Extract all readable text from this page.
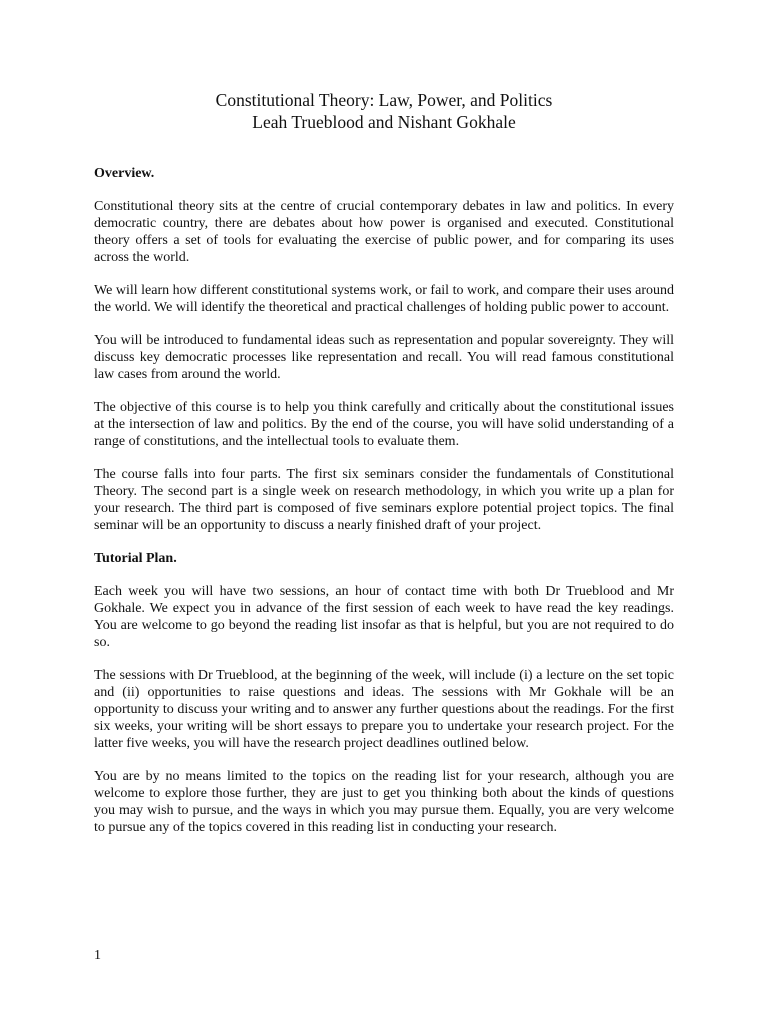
Constitutional Theory: Law, Power, and Politics
Leah Trueblood and Nishant Gokhale
Overview.

Constitutional theory sits at the centre of crucial contemporary debates in law and politics. In every democratic country, there are debates about how power is organised and executed. Constitutional theory offers a set of tools for evaluating the exercise of public power, and for comparing its uses across the world.

We will learn how different constitutional systems work, or fail to work, and compare their uses around the world. We will identify the theoretical and practical challenges of holding public power to account.

You will be introduced to fundamental ideas such as representation and popular sovereignty. They will discuss key democratic processes like representation and recall. You will read famous constitutional law cases from around the world.

The objective of this course is to help you think carefully and critically about the constitutional issues at the intersection of law and politics. By the end of the course, you will have solid understanding of a range of constitutions, and the intellectual tools to evaluate them.

The course falls into four parts. The first six seminars consider the fundamentals of Constitutional Theory. The second part is a single week on research methodology, in which you write up a plan for your research. The third part is composed of five seminars explore potential project topics. The final seminar will be an opportunity to discuss a nearly finished draft of your project.

Tutorial Plan.

Each week you will have two sessions, an hour of contact time with both Dr Trueblood and Mr Gokhale. We expect you in advance of the first session of each week to have read the key readings. You are welcome to go beyond the reading list insofar as that is helpful, but you are not required to do so.

The sessions with Dr Trueblood, at the beginning of the week, will include (i) a lecture on the set topic and (ii) opportunities to raise questions and ideas. The sessions with Mr Gokhale will be an opportunity to discuss your writing and to answer any further questions about the readings. For the first six weeks, your writing will be short essays to prepare you to undertake your research project. For the latter five weeks, you will have the research project deadlines outlined below.

You are by no means limited to the topics on the reading list for your research, although you are welcome to explore those further, they are just to get you thinking both about the kinds of questions you may wish to pursue, and the ways in which you may pursue them. Equally, you are very welcome to pursue any of the topics covered in this reading list in conducting your research.

1
